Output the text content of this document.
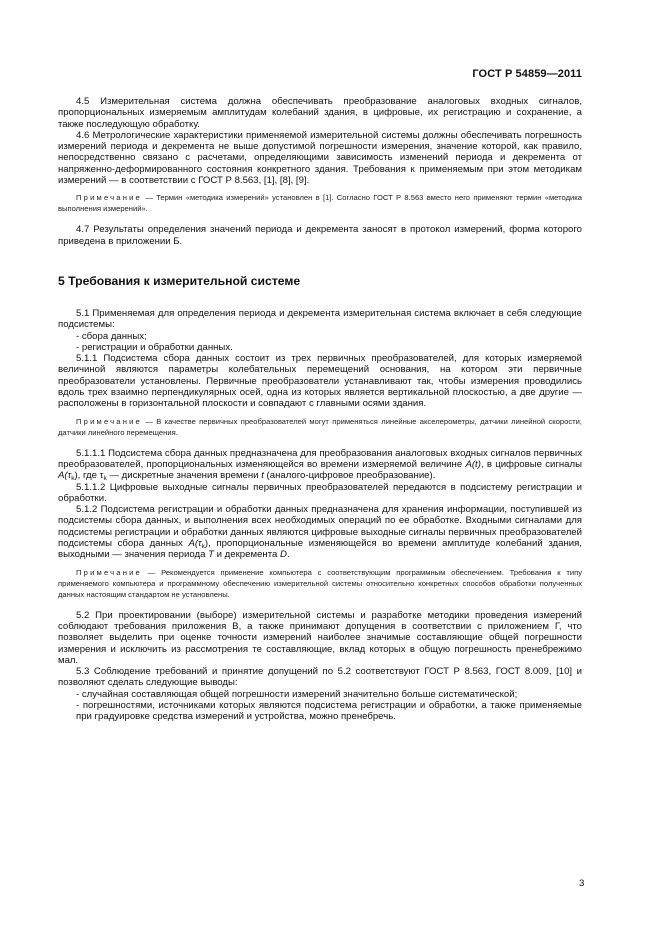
ГОСТ Р 54859—2011

4.5 Измерительная система должна обеспечивать преобразование аналоговых входных сигналов, пропорциональных измеряемым амплитудам колебаний здания, в цифровые, их регистрацию и сохранение, а также последующую обработку.

4.6 Метрологические характеристики применяемой измерительной системы должны обеспечивать погрешность измерений периода и декремента не выше допустимой погрешности измерения, значение которой, как правило, непосредственно связано с расчетами, определяющими зависимость изменений периода и декремента от напряженно-деформированного состояния конкретного здания. Требования к применяемым при этом методикам измерений — в соответствии с ГОСТ Р 8.563, [1], [8], [9].

Примечание — Термин «методика измерений» установлен в [1]. Согласно ГОСТ Р 8.563 вместо него применяют термин «методика выполнения измерений».

4.7 Результаты определения значений периода и декремента заносят в протокол измерений, форма которого приведена в приложении Б.

5 Требования к измерительной системе

5.1 Применяемая для определения периода и декремента измерительная система включает в себя следующие подсистемы:

- сбора данных;

- регистрации и обработки данных.

5.1.1 Подсистема сбора данных состоит из трех первичных преобразователей, для которых измеряемой величиной являются параметры колебательных перемещений основания, на котором эти первичные преобразователи установлены. Первичные преобразователи устанавливают так, чтобы измерения проводились вдоль трех взаимно перпендикулярных осей, одна из которых является вертикальной плоскостью, а две другие — расположены в горизонтальной плоскости и совпадают с главными осями здания.

Примечание — В качестве первичных преобразователей могут применяться линейные акселерометры, датчики линейной скорости, датчики линейного перемещения.

5.1.1.1 Подсистема сбора данных предназначена для преобразования аналоговых входных сигналов первичных преобразователей, пропорциональных изменяющейся во времени измеряемой величине A(t), в цифровые сигналы $A(\tau_k)$, где $\tau_k$ — дискретные значения времени t (аналого-цифровое преобразование).

5.1.1.2 Цифровые выходные сигналы первичных преобразователей передаются в подсистему регистрации и обработки.

5.1.2 Подсистема регистрации и обработки данных предназначена для хранения информации, поступившей из подсистемы сбора данных, и выполнения всех необходимых операций по ее обработке. Входными сигналами для подсистемы регистрации и обработки данных являются цифровые выходные сигналы первичных преобразователей подсистемы сбора данных $A(\tau_k)$, пропорциональные изменяющейся во времени амплитуде колебаний здания, выходными — значения периода T и декремента D.

Примечание — Рекомендуется применение компьютера с соответствующим программным обеспечением. Требования к типу применяемого компьютера и программному обеспечению измерительной системы относительно конкретных способов обработки полученных данных настоящим стандартом не установлены.

5.2 При проектировании (выборе) измерительной системы и разработке методики проведения измерений соблюдают требования приложения В, а также принимают допущения в соответствии с приложением Г, что позволяет выделить при оценке точности измерений наиболее значимые составляющие общей погрешности измерения и исключить из рассмотрения те составляющие, вклад которых в общую погрешность пренебрежимо мал.

5.3 Соблюдение требований и принятие допущений по 5.2 соответствуют ГОСТ Р 8.563, ГОСТ 8.009, [10] и позволяют сделать следующие выводы:

- случайная составляющая общей погрешности измерений значительно больше систематической;

- погрешностями, источниками которых являются подсистема регистрации и обработки, а также применяемые при градуировке средства измерений и устройства, можно пренебречь.

3
